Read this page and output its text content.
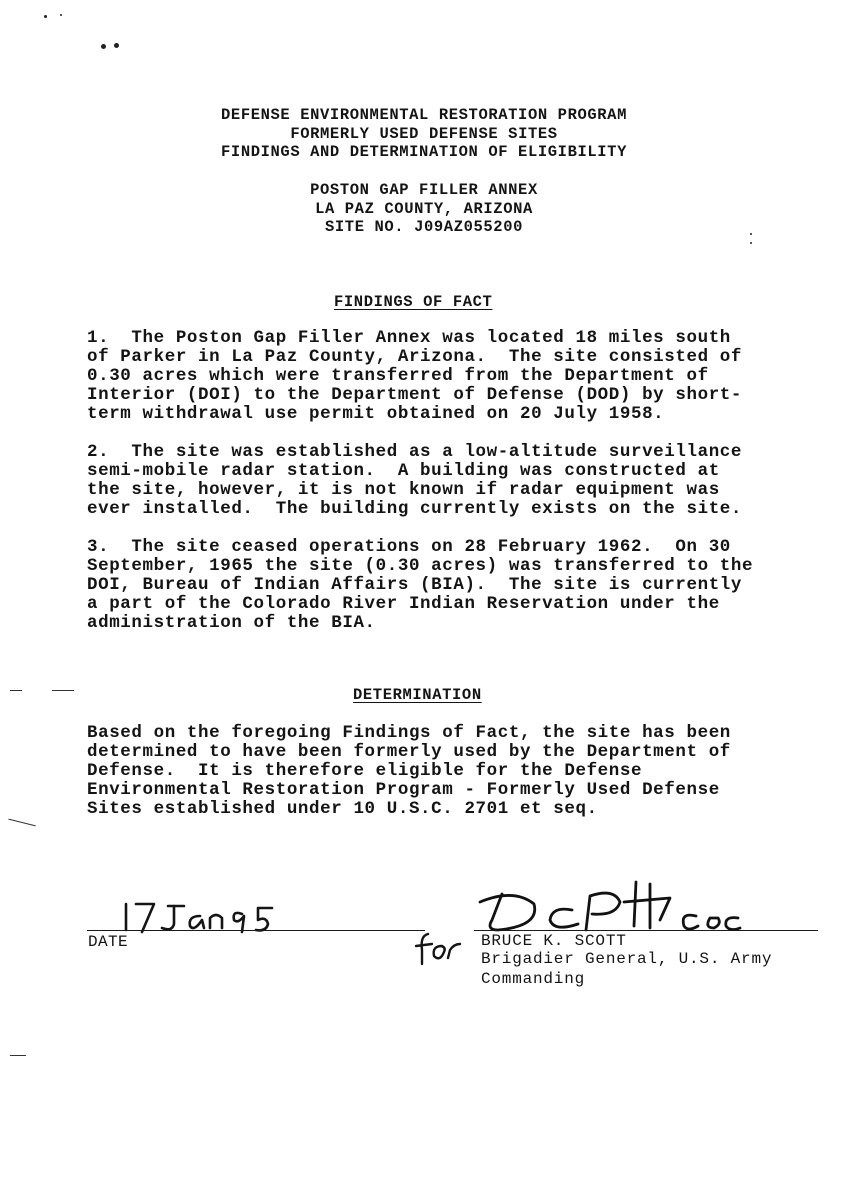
DEFENSE ENVIRONMENTAL RESTORATION PROGRAM
FORMERLY USED DEFENSE SITES
FINDINGS AND DETERMINATION OF ELIGIBILITY
POSTON GAP FILLER ANNEX
LA PAZ COUNTY, ARIZONA
SITE NO. J09AZ055200
FINDINGS OF FACT
1.  The Poston Gap Filler Annex was located 18 miles south
of Parker in La Paz County, Arizona.  The site consisted of
0.30 acres which were transferred from the Department of
Interior (DOI) to the Department of Defense (DOD) by short-
term withdrawal use permit obtained on 20 July 1958.
2.  The site was established as a low-altitude surveillance
semi-mobile radar station.  A building was constructed at
the site, however, it is not known if radar equipment was
ever installed.  The building currently exists on the site.
3.  The site ceased operations on 28 February 1962.  On 30
September, 1965 the site (0.30 acres) was transferred to the
DOI, Bureau of Indian Affairs (BIA).  The site is currently
a part of the Colorado River Indian Reservation under the
administration of the BIA.
DETERMINATION
Based on the foregoing Findings of Fact, the site has been
determined to have been formerly used by the Department of
Defense.  It is therefore eligible for the Defense
Environmental Restoration Program - Formerly Used Defense
Sites established under 10 U.S.C. 2701 et seq.
DATE	BRUCE K. SCOTT
Brigadier General, U.S. Army
Commanding
